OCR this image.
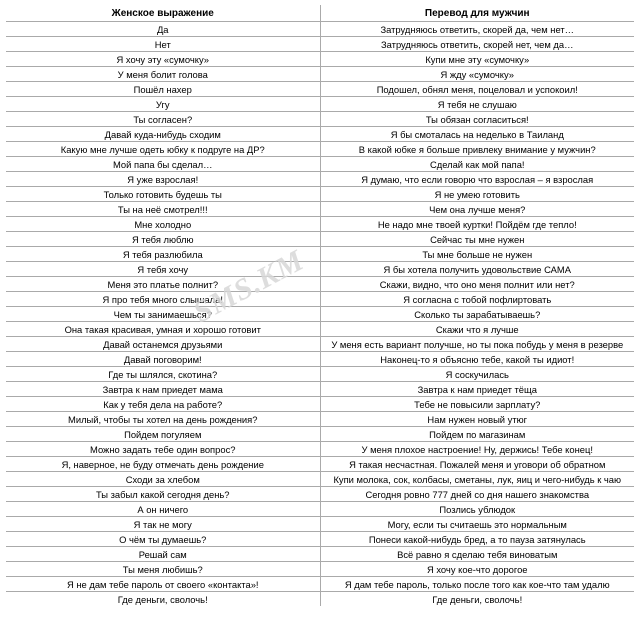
Женское выражение	Перевод для мужчин
Да	Затрудняюсь ответить, скорей да, чем нет…
Нет	Затрудняюсь ответить, скорей нет, чем да…
Я хочу эту «сумочку»	Купи мне эту «сумочку»
У меня болит голова	Я жду «сумочку»
Пошёл нахер	Подошел, обнял меня, поцеловал и успокоил!
Угу	Я тебя не слушаю
Ты согласен?	Ты обязан согласиться!
Давай куда-нибудь сходим	Я бы смоталась на неделько в Таиланд
Какую мне лучше одеть юбку к подруге на ДР?	В какой юбке я больше привлеку внимание у мужчин?
Мой папа бы сделал…	Сделай как мой папа!
Я уже взрослая!	Я думаю, что если говорю что взрослая – я взрослая
Только готовить будешь ты	Я не умею готовить
Ты на неё смотрел!!!	Чем она лучше меня?
Мне холодно	Не надо мне твоей куртки! Пойдём где тепло!
Я тебя люблю	Сейчас ты мне нужен
Я тебя разлюбила	Ты мне больше не нужен
Я тебя хочу	Я бы хотела получить удовольствие САМА
Меня это платье полнит?	Скажи, видно, что оно меня полнит или нет?
Я про тебя много слышала!	Я согласна с тобой пофлиртовать
Чем ты занимаешься?	Сколько ты зарабатываешь?
Она такая красивая, умная и хорошо готовит	Скажи что я лучше
Давай останемся друзьями	У меня есть вариант получше, но ты пока побудь у меня в резерве
Давай поговорим!	Наконец-то я объясню тебе, какой ты идиот!
Где ты шлялся, скотина?	Я соскучилась
Завтра к нам приедет мама	Завтра к нам приедет тёща
Как у тебя дела на работе?	Тебе не повысили зарплату?
Милый, чтобы ты хотел на день рождения?	Нам нужен новый утюг
Пойдем погуляем	Пойдем по магазинам
Можно задать тебе один вопрос?	У меня плохое настроение! Ну, держись! Тебе конец!
Я, наверное, не буду отмечать день рождение	Я такая несчастная. Пожалей меня и уговори об обратном
Сходи за хлебом	Купи молока, сок, колбасы, сметаны, лук, яиц и чего-нибудь к чаю
Ты забыл какой сегодня день?	Сегодня ровно 777 дней со дня нашего знакомства
А он ничего	Позлись ублюдок
Я так не могу	Могу, если ты считаешь это нормальным
О чём ты думаешь?	Понеси какой-нибудь бред, а то пауза затянулась
Решай сам	Всё равно я сделаю тебя виноватым
Ты меня любишь?	Я хочу кое-что дорогое
Я не дам тебе пароль от своего «контакта»!	Я дам тебе пароль, только после того как кое-что там удалю
Где деньги, сволочь!	Где деньги, сволочь!
SMS.KM
